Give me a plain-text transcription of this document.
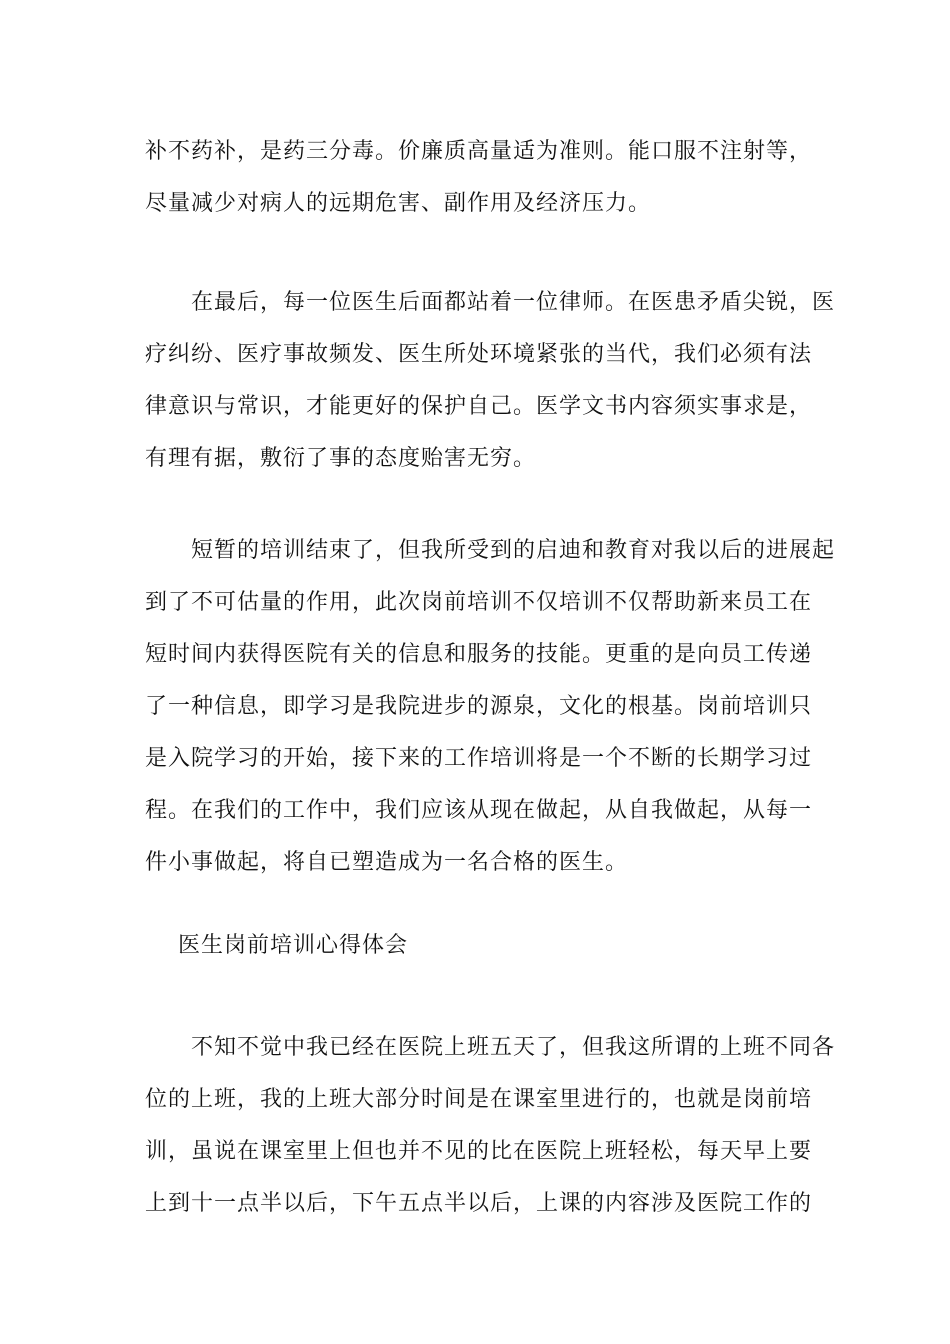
补不药补，是药三分毒。价廉质高量适为准则。能口服不注射等，
尽量减少对病人的远期危害、副作用及经济压力。

　　在最后，每一位医生后面都站着一位律师。在医患矛盾尖锐，医
疗纠纷、医疗事故频发、医生所处环境紧张的当代，我们必须有法
律意识与常识，才能更好的保护自己。医学文书内容须实事求是，
有理有据，敷衍了事的态度贻害无穷。

　　短暂的培训结束了，但我所受到的启迪和教育对我以后的进展起
到了不可估量的作用，此次岗前培训不仅培训不仅帮助新来员工在
短时间内获得医院有关的信息和服务的技能。更重的是向员工传递
了一种信息，即学习是我院进步的源泉，文化的根基。岗前培训只
是入院学习的开始，接下来的工作培训将是一个不断的长期学习过
程。在我们的工作中，我们应该从现在做起，从自我做起，从每一
件小事做起，将自已塑造成为一名合格的医生。

医生岗前培训心得体会

　　不知不觉中我已经在医院上班五天了，但我这所谓的上班不同各
位的上班，我的上班大部分时间是在课室里进行的，也就是岗前培
训，虽说在课室里上但也并不见的比在医院上班轻松，每天早上要
上到十一点半以后，下午五点半以后，上课的内容涉及医院工作的
